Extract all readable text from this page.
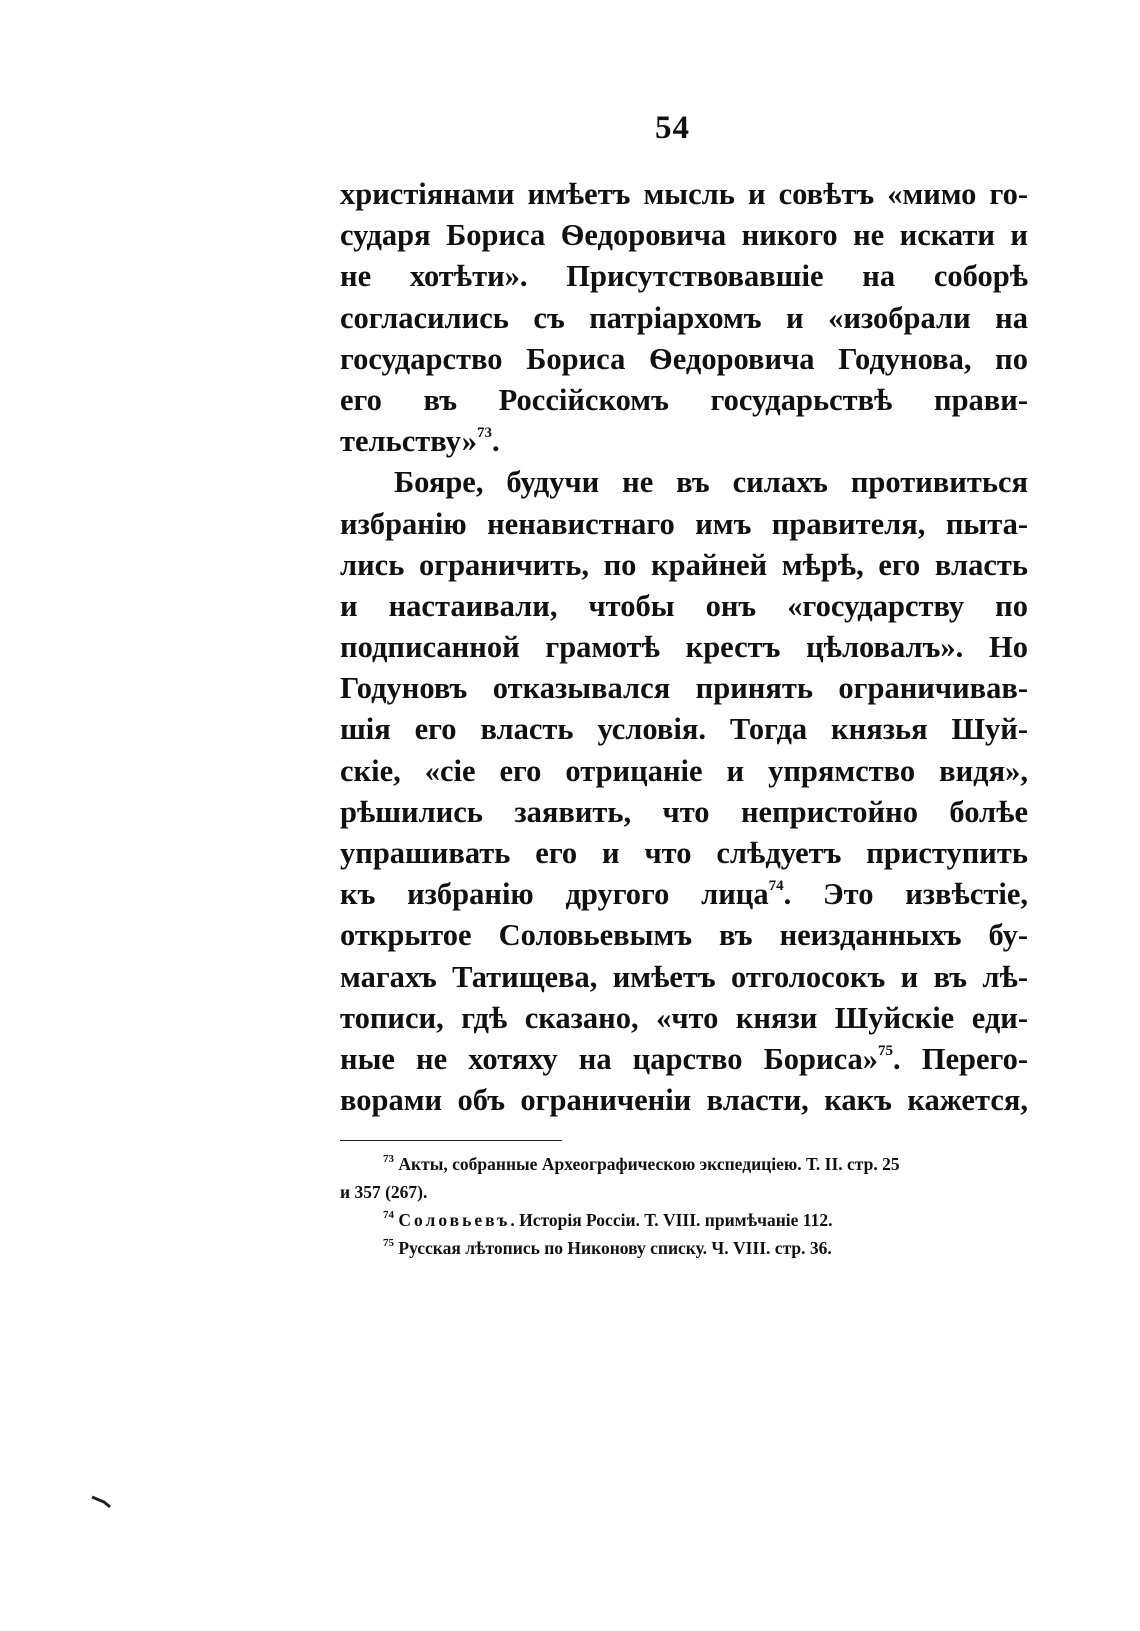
54
христіянами имѣетъ мысль и совѣтъ «мимо го-
сударя Бориса Ѳедоровича никого не искати и
не хотѣти». Присутствовавшіе на соборѣ
согласились съ патріархомъ и «изобрали на
государство Бориса Ѳедоровича Годунова, по
его въ Россійскомъ государьствѣ прави-
тельству»$^{73}$.
Бояре, будучи не въ силахъ противиться
избранію ненавистнаго имъ правителя, пыта-
лись ограничить, по крайней мѣрѣ, его власть
и настаивали, чтобы онъ «государству по
подписанной грамотѣ крестъ цѣловалъ». Но
Годуновъ отказывался принять ограничивав-
шія его власть условія. Тогда князья Шуй-
скіе, «сіе его отрицаніе и упрямство видя»,
рѣшились заявить, что непристойно болѣе
упрашивать его и что слѣдуетъ приступить
къ избранію другого лица$^{74}$. Это извѣстіе,
открытое Соловьевымъ въ неизданныхъ бу-
магахъ Татищева, имѣетъ отголосокъ и въ лѣ-
тописи, гдѣ сказано, «что князи Шуйскіе еди-
ные не хотяху на царство Бориса»$^{75}$. Перего-
ворами объ ограниченіи власти, какъ кажется,
$^{73}$ Акты, собранные Археографическою экспедиціею. Т. II. стр. 25
и 357 (267).
$^{74}$ Соловьевъ. Исторія Россіи. Т. VIII. примѣчаніе 112.
$^{75}$ Русская лѣтопись по Никонову списку. Ч. VIII. стр. 36.
